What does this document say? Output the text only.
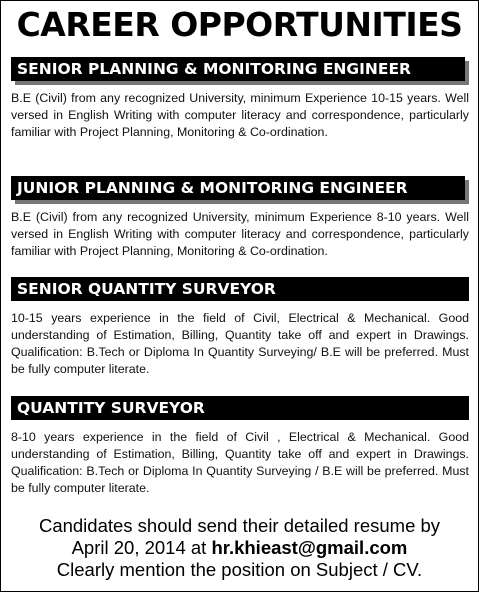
CAREER OPPORTUNITIES
SENIOR PLANNING & MONITORING ENGINEER
B.E (Civil) from any recognized University, minimum Experience 10-15 years. Well versed in English Writing with computer literacy and correspondence, particularly familiar with Project Planning, Monitoring & Co-ordination.
JUNIOR PLANNING & MONITORING ENGINEER
B.E (Civil) from any recognized University, minimum Experience 8-10 years. Well versed in English Writing with computer literacy and correspondence, particularly familiar with Project Planning, Monitoring & Co-ordination.
SENIOR QUANTITY SURVEYOR
10-15 years experience in the field of Civil, Electrical & Mechanical. Good understanding of Estimation, Billing, Quantity take off and expert in Drawings. Qualification: B.Tech or Diploma In Quantity Surveying/ B.E will be preferred. Must be fully computer literate.
QUANTITY SURVEYOR
8-10 years experience in the field of Civil , Electrical & Mechanical. Good understanding of Estimation, Billing, Quantity take off and expert in Drawings. Qualification: B.Tech or Diploma In Quantity Surveying / B.E will be preferred. Must be fully computer literate.
Candidates should send their detailed resume by
April 20, 2014 at hr.khieast@gmail.com
Clearly mention the position on Subject / CV.
